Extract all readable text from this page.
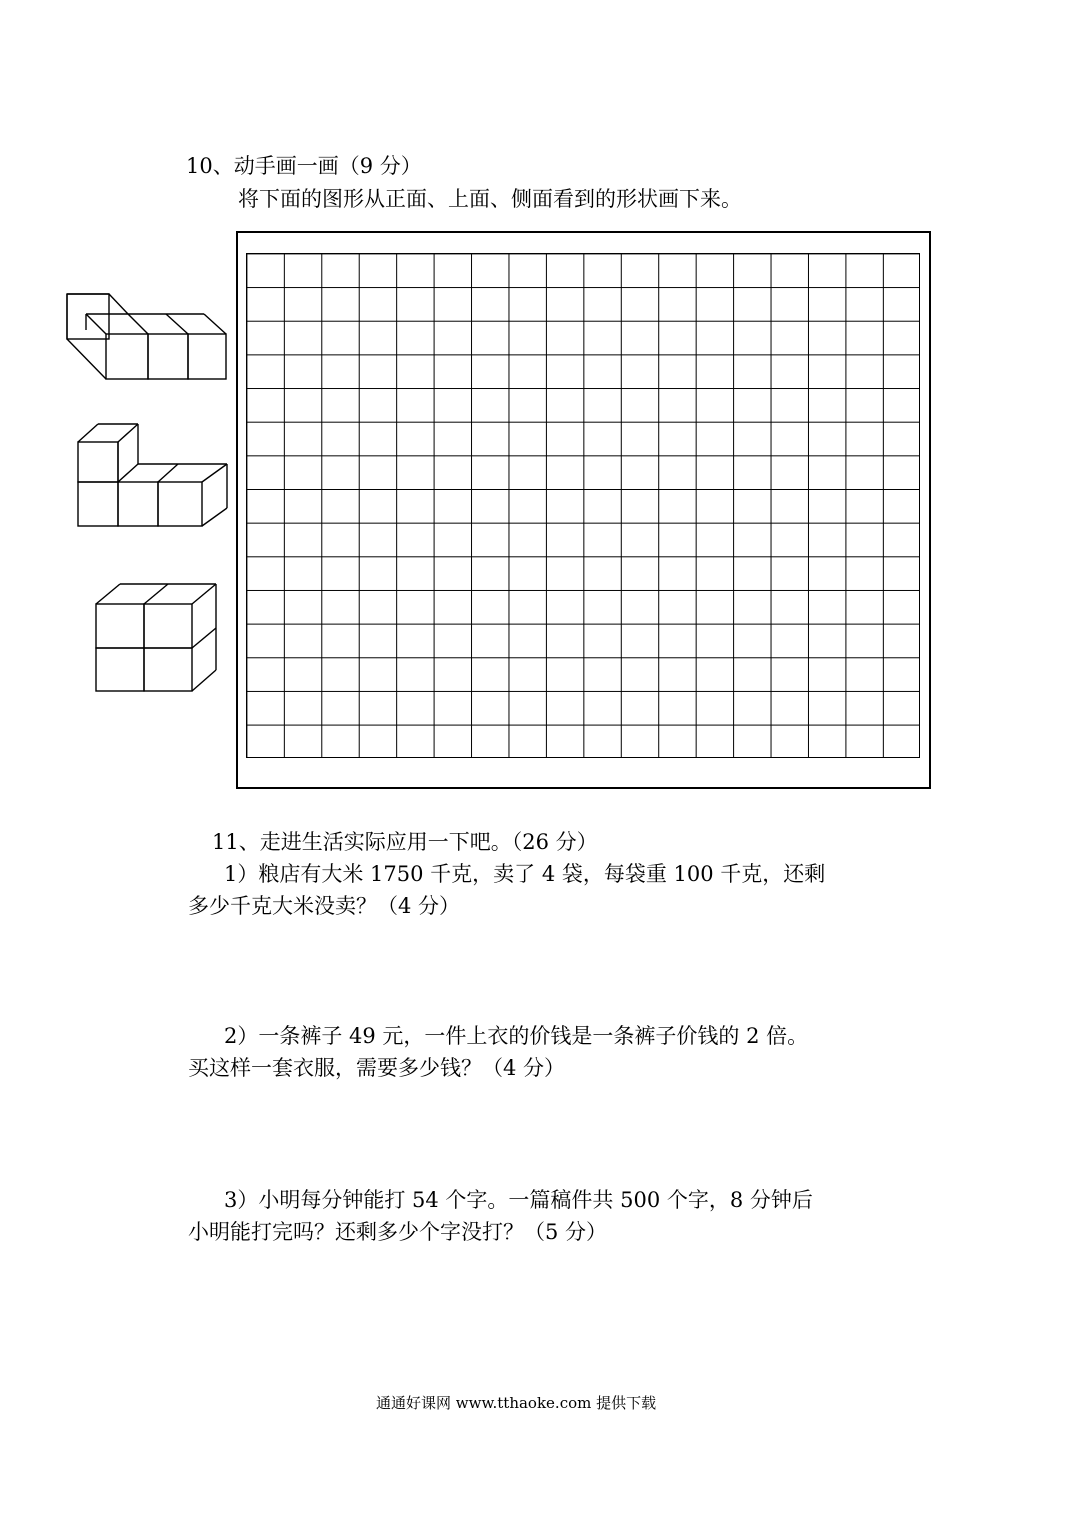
10、动手画一画（9 分）
将下面的图形从正面、上面、侧面看到的形状画下来。
11、走进生活实际应用一下吧。（26 分）
1）粮店有大米 1750 千克，卖了 4 袋，每袋重 100 千克，还剩
多少千克大米没卖？（4 分）
2）一条裤子 49 元，一件上衣的价钱是一条裤子价钱的 2 倍。
买这样一套衣服，需要多少钱？（4 分）
3）小明每分钟能打 54 个字。一篇稿件共 500 个字，8 分钟后
小明能打完吗？还剩多少个字没打？（5 分）
通通好课网 www.tthaoke.com 提供下载
